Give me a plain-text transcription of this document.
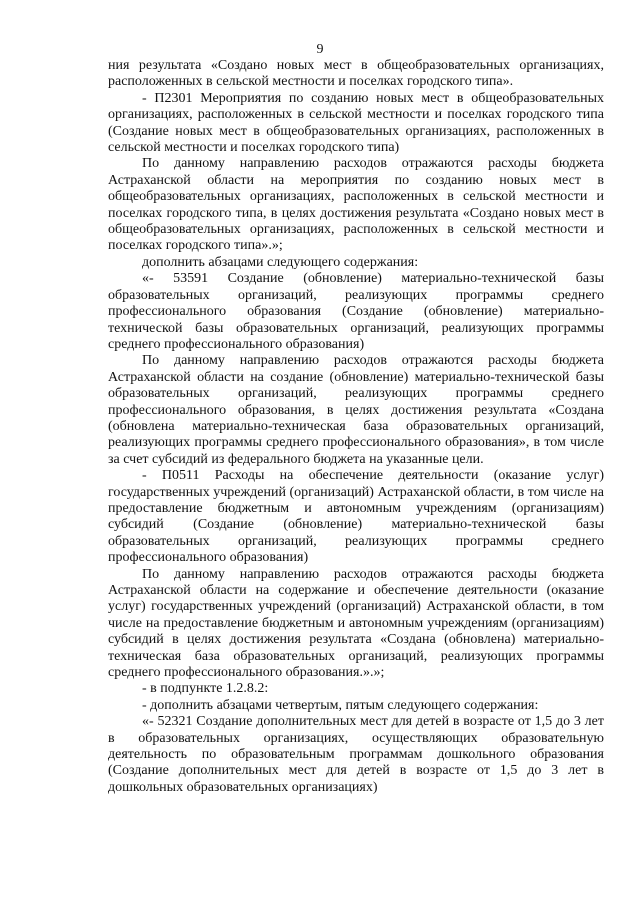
9

ния результата «Создано новых мест в общеобразовательных организациях, расположенных в сельской местности и поселках городского типа».

- П2301 Мероприятия по созданию новых мест в общеобразовательных организациях, расположенных в сельской местности и поселках городского типа (Создание новых мест в общеобразовательных организациях, расположенных в сельской местности и поселках городского типа)

По данному направлению расходов отражаются расходы бюджета Астраханской области на мероприятия по созданию новых мест в общеобразовательных организациях, расположенных в сельской местности и поселках городского типа, в целях достижения результата «Создано новых мест в общеобразовательных организациях, расположенных в сельской местности и поселках городского типа».»;

дополнить абзацами следующего содержания:

«- 53591 Создание (обновление) материально-технической базы образовательных организаций, реализующих программы среднего профессионального образования (Создание (обновление) материально-технической базы образовательных организаций, реализующих программы среднего профессионального образования)

По данному направлению расходов отражаются расходы бюджета Астраханской области на создание (обновление) материально-технической базы образовательных организаций, реализующих программы среднего профессионального образования, в целях достижения результата «Создана (обновлена материально-техническая база образовательных организаций, реализующих программы среднего профессионального образования», в том числе за счет субсидий из федерального бюджета на указанные цели.

- П0511 Расходы на обеспечение деятельности (оказание услуг) государственных учреждений (организаций) Астраханской области, в том числе на предоставление бюджетным и автономным учреждениям (организациям) субсидий (Создание (обновление) материально-технической базы образовательных организаций, реализующих программы среднего профессионального образования)

По данному направлению расходов отражаются расходы бюджета Астраханской области на содержание и обеспечение деятельности (оказание услуг) государственных учреждений (организаций) Астраханской области, в том числе на предоставление бюджетным и автономным учреждениям (организациям) субсидий в целях достижения результата «Создана (обновлена) материально-техническая база образовательных организаций, реализующих программы среднего профессионального образования.».»;

- в подпункте 1.2.8.2:

- дополнить абзацами четвертым, пятым следующего содержания:

«- 52321 Создание дополнительных мест для детей в возрасте от 1,5 до 3 лет в образовательных организациях, осуществляющих образовательную деятельность по образовательным программам дошкольного образования (Создание дополнительных мест для детей в возрасте от 1,5 до 3 лет в дошкольных образовательных организациях)
